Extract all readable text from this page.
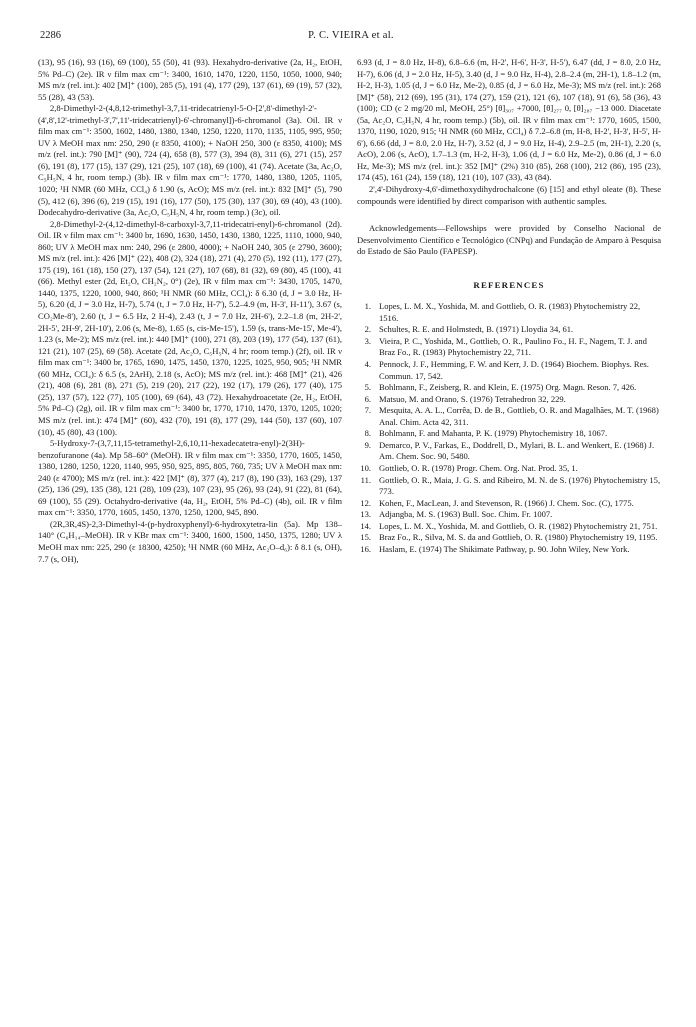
2286	P. C. VIEIRA et al.

(13), 95 (16), 93 (16), 69 (100), 55 (50), 41 (93). Hexahydro-derivative (2a, H₂, EtOH, 5% Pd–C) (2e). IR ν film max cm⁻¹: 3400, 1610, 1470, 1220, 1150, 1050, 1000, 940; MS m/z (rel. int.): 402 [M]⁺ (100), 285 (5), 191 (4), 177 (29), 137 (61), 69 (19), 57 (32), 55 (28), 43 (53).

2,8-Dimethyl-2-(4,8,12-trimethyl-3,7,11-tridecatrienyl-5-O-[2',8'-dimethyl-2'-(4',8',12'-trimethyl-3',7',11'-tridecatrienyl)-6'-chromanyl])-6-chromanol (3a). Oil. IR ν film max cm⁻¹: 3500, 1602, 1480, 1380, 1340, 1250, 1220, 1170, 1135, 1105, 995, 950; UV λ MeOH max nm: 250, 290 (ε 8350, 4100); + NaOH 250, 300 (ε 8350, 4100); MS m/z (rel. int.): 790 [M]⁺ (90), 724 (4), 658 (8), 577 (3), 394 (8), 311 (6), 271 (15), 257 (6), 191 (8), 177 (15), 137 (29), 121 (25), 107 (18), 69 (100), 41 (74). Acetate (3a, Ac₂O, C₅H₅N, 4 hr, room temp.) (3b). IR ν film max cm⁻¹: 1770, 1480, 1380, 1205, 1105, 1020; ¹H NMR (60 MHz, CCl₄) δ 1.90 (s, AcO); MS m/z (rel. int.): 832 [M]⁺ (5), 790 (5), 412 (6), 396 (6), 219 (15), 191 (16), 177 (50), 175 (30), 137 (30), 69 (40), 43 (100). Dodecahydro-derivative (3a, Ac₂O, C₅H₅N, 4 hr, room temp.) (3c), oil.

2,8-Dimethyl-2-(4,12-dimethyl-8-carboxyl-3,7,11-tridecatri-enyl)-6-chromanol (2d). Oil. IR ν film max cm⁻¹: 3400 br, 1690, 1630, 1450, 1430, 1380, 1225, 1110, 1000, 940, 860; UV λ MeOH max nm: 240, 296 (ε 2800, 4000); + NaOH 240, 305 (ε 2790, 3600); MS m/z (rel. int.): 426 [M]⁺ (22), 408 (2), 324 (18), 271 (4), 270 (5), 192 (11), 177 (27), 175 (19), 161 (18), 150 (27), 137 (54), 121 (27), 107 (68), 81 (32), 69 (80), 45 (100), 41 (66). Methyl ester (2d, Et₂O, CH₂N₂, 0°) (2e), IR ν film max cm⁻¹: 3430, 1705, 1470, 1440, 1375, 1220, 1000, 940, 860; ¹H NMR (60 MHz, CCl₄): δ 6.30 (d, J = 3.0 Hz, H-5), 6.20 (d, J = 3.0 Hz, H-7), 5.74 (t, J = 7.0 Hz, H-7'), 5.2–4.9 (m, H-3', H-11'), 3.67 (s, CO₂Me-8'), 2.60 (t, J = 6.5 Hz, 2 H-4), 2.43 (t, J = 7.0 Hz, 2H-6'), 2.2–1.8 (m, 2H-2', 2H-5', 2H-9', 2H-10'), 2.06 (s, Me-8), 1.65 (s, cis-Me-15'), 1.59 (s, trans-Me-15', Me-4'), 1.23 (s, Me-2); MS m/z (rel. int.): 440 [M]⁺ (100), 271 (8), 203 (19), 177 (54), 137 (61), 121 (21), 107 (25), 69 (58). Acetate (2d, Ac₂O, C₅H₅N, 4 hr; room temp.) (2f), oil. IR ν film max cm⁻¹: 3400 br, 1765, 1690, 1475, 1450, 1370, 1225, 1025, 950, 905; ¹H NMR (60 MHz, CCl₄): δ 6.5 (s, 2ArH), 2.18 (s, AcO); MS m/z (rel. int.): 468 [M]⁺ (21), 426 (21), 408 (6), 281 (8), 271 (5), 219 (20), 217 (22), 192 (17), 179 (26), 177 (40), 175 (25), 137 (57), 122 (77), 105 (100), 69 (64), 43 (72). Hexahydroacetate (2e, H₂, EtOH, 5% Pd–C) (2g), oil. IR ν film max cm⁻¹: 3400 br, 1770, 1710, 1470, 1370, 1205, 1020; MS m/z (rel. int.): 474 [M]⁺ (60), 432 (70), 191 (8), 177 (29), 144 (50), 137 (60), 107 (10), 45 (80), 43 (100).

5-Hydroxy-7-(3,7,11,15-tetramethyl-2,6,10,11-hexadecatetra-enyl)-2(3H)-benzofuranone (4a). Mp 58–60° (MeOH). IR ν film max cm⁻¹: 3350, 1770, 1605, 1450, 1380, 1280, 1250, 1220, 1140, 995, 950, 925, 895, 805, 760, 735; UV λ MeOH max nm: 240 (ε 4700); MS m/z (rel. int.): 422 [M]⁺ (8), 377 (4), 217 (8), 190 (33), 163 (29), 137 (25), 136 (29), 135 (38), 121 (28), 109 (23), 107 (23), 95 (26), 93 (24), 91 (22), 81 (64), 69 (100), 55 (29). Octahydro-derivative (4a, H₂, EtOH, 5% Pd–C) (4b), oil. IR ν film max cm⁻¹: 3350, 1770, 1605, 1450, 1370, 1250, 1200, 945, 890.

(2R,3R,4S)-2,3-Dimethyl-4-(p-hydroxyphenyl)-6-hydroxytetra-lin (5a). Mp 138–140° (C₆H₁₄–MeOH). IR ν KBr max cm⁻¹: 3400, 1600, 1500, 1450, 1375, 1280; UV λ MeOH max nm: 225, 290 (ε 18300, 4250); ¹H NMR (60 MHz, Ac₂O–d₆): δ 8.1 (s, OH), 7.7 (s, OH),

6.93 (d, J = 8.0 Hz, H-8), 6.8–6.6 (m, H-2', H-6', H-3', H-5'), 6.47 (dd, J = 8.0, 2.0 Hz, H-7), 6.06 (d, J = 2.0 Hz, H-5), 3.40 (d, J = 9.0 Hz, H-4), 2.8–2.4 (m, 2H-1), 1.8–1.2 (m, H-2, H-3), 1.05 (d, J = 6.0 Hz, Me-2), 0.85 (d, J = 6.0 Hz, Me-3); MS m/z (rel. int.): 268 [M]⁺ (58), 212 (69), 195 (31), 174 (27), 159 (21), 121 (6), 107 (18), 91 (6), 58 (36), 43 (100); CD (c 2 mg/20 ml, MeOH, 25°) [θ]₃₀₇ +7000, [θ]₂₇₇ 0, [θ]₂₈₇ −13 000. Diacetate (5a, Ac₂O, C₅H₅N, 4 hr, room temp.) (5b), oil. IR ν film max cm⁻¹: 1770, 1605, 1500, 1370, 1190, 1020, 915; ¹H NMR (60 MHz, CCl₄) δ 7.2–6.8 (m, H-8, H-2', H-3', H-5', H-6'), 6.66 (dd, J = 8.0, 2.0 Hz, H-7), 3.52 (d, J = 9.0 Hz, H-4), 2.9–2.5 (m, 2H-1), 2.20 (s, AcO), 2.06 (s, AcO), 1.7–1.3 (m, H-2, H-3), 1.06 (d, J = 6.0 Hz, Me-2), 0.86 (d, J = 6.0 Hz, Me-3); MS m/z (rel. int.): 352 [M]⁺ (2%) 310 (85), 268 (100), 212 (86), 195 (23), 174 (45), 161 (24), 159 (18), 121 (10), 107 (33), 43 (84).

2',4'-Dihydroxy-4,6'-dimethoxydihydrochalcone (6) [15] and ethyl oleate (8). These compounds were identified by direct comparison with authentic samples.

Acknowledgements—Fellowships were provided by Conselho Nacional de Desenvolvimento Científico e Tecnológico (CNPq) and Fundação de Amparo à Pesquisa do Estado de São Paulo (FAPESP).

REFERENCES

1. Lopes, L. M. X., Yoshida, M. and Gottlieb, O. R. (1983) Phytochemistry 22, 1516.

2. Schultes, R. E. and Holmstedt, B. (1971) Lloydia 34, 61.

3. Vieira, P. C., Yoshida, M., Gottlieb, O. R., Paulino Fo., H. F., Nagem, T. J. and Braz Fo., R. (1983) Phytochemistry 22, 711.

4. Pennock, J. F., Hemming, F. W. and Kerr, J. D. (1964) Biochem. Biophys. Res. Commun. 17, 542.

5. Bohlmann, F., Zeisberg, R. and Klein, E. (1975) Org. Magn. Reson. 7, 426.

6. Matsuo, M. and Orano, S. (1976) Tetrahedron 32, 229.

7. Mesquita, A. A. L., Corrêa, D. de B., Gottlieb, O. R. and Magalhães, M. T. (1968) Anal. Chim. Acta 42, 311.

8. Bohlmann, F. and Mahanta, P. K. (1979) Phytochemistry 18, 1067.

9. Demarco, P. V., Farkas, E., Doddrell, D., Mylari, B. L. and Wenkert, E. (1968) J. Am. Chem. Soc. 90, 5480.

10. Gottlieb, O. R. (1978) Progr. Chem. Org. Nat. Prod. 35, 1.

11. Gottlieb, O. R., Maia, J. G. S. and Ribeiro, M. N. de S. (1976) Phytochemistry 15, 773.

12. Kohen, F., MacLean, J. and Stevenson, R. (1966) J. Chem. Soc. (C), 1775.

13. Adjangba, M. S. (1963) Bull. Soc. Chim. Fr. 1007.

14. Lopes, L. M. X., Yoshida, M. and Gottlieb, O. R. (1982) Phytochemistry 21, 751.

15. Braz Fo., R., Silva, M. S. da and Gottlieb, O. R. (1980) Phytochemistry 19, 1195.

16. Haslam, E. (1974) The Shikimate Pathway, p. 90. John Wiley, New York.
